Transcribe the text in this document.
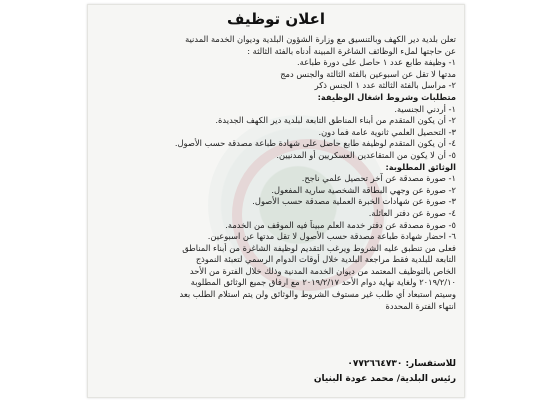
اعلان توظيف
تعلن بلدية دير الكهف وبالتنسيق مع وزارة الشؤون البلدية وديوان الخدمة المدنية
عن حاجتها لملء الوظائف الشاغرة المبينة أدناه بالفئة الثالثة :
١- وظيفة طابع عدد ١ حاصل على دورة طباعة.
مدتها لا تقل عن اسبوعين بالفئة الثالثة والجنس دمج
٢- مراسل بالفئة الثالثة عدد ١ الجنس ذكر
متطلبات وشروط اشغال الوظيفة:
١- أردني الجنسية.
٢- أن يكون المتقدم من أبناء المناطق التابعة لبلدية دير الكهف الجديدة.
٣- التحصيل العلمي ثانوية عامة فما دون.
٤- أن يكون المتقدم لوظيفة طابع حاصل على شهادة طباعة مصدقة حسب الأصول.
٥- أن لا يكون من المتقاعدين العسكريين أو المدنيين.
الوثائق المطلوبة:
١- صورة مصدقة عن آخر تحصيل علمي ناجح.
٢- صورة عن وجهي البطاقة الشخصية سارية المفعول.
٣- صورة عن شهادات الخبرة العملية مصدقة حسب الأصول.
٤- صورة عن دفتر العائلة.
٥- صورة مصدقة عن دفتر خدمة العلم مبيناً فيه الموقف من الخدمة.
٦- احضار شهادة طباعة مصدقة حسب الأصول لا تقل مدتها عن اسبوعين.
فعلى من تنطبق عليه الشروط ويرغب التقديم لوظيفة الشاغرة من أبناء المناطق
التابعة للبلدية فقط مراجعة البلدية خلال أوقات الدوام الرسمي لتعبئة النموذج
الخاص بالتوظيف المعتمد من ديوان الخدمة المدنية وذلك خلال الفترة من الأحد
٢٠١٩/٢/١٠ ولغاية نهاية دوام الأحد ٢٠١٩/٢/١٧ مع ارفاق جميع الوثائق المطلوبة
وسيتم استبعاد أي طلب غير مستوف الشروط والوثائق ولن يتم استلام الطلب بعد
انتهاء الفترة المحددة
للاستفسار: ٠٧٧٢٦٦٤٧٣٠
رئيس البلدية/ محمد عودة البنيان
